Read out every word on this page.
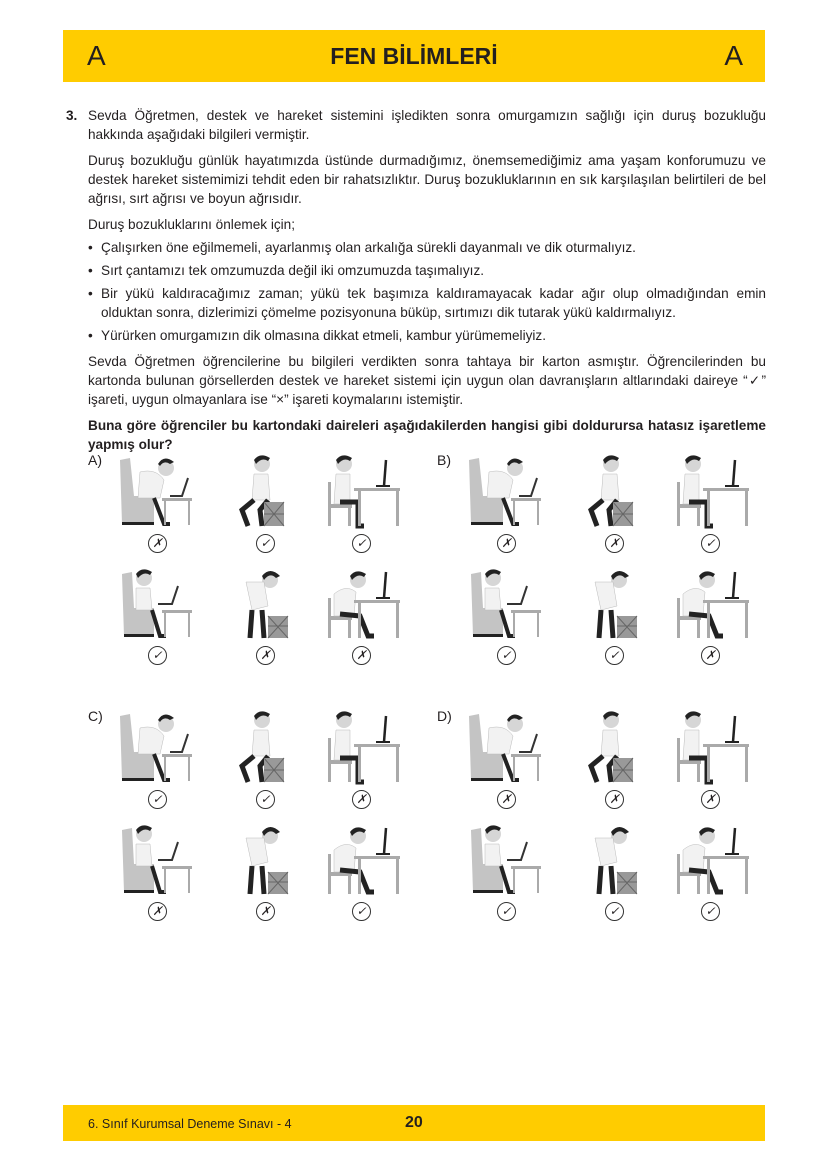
A	FEN BİLİMLERİ	A
3. Sevda Öğretmen, destek ve hareket sistemini işledikten sonra omurgamızın sağlığı için duruş bozukluğu hakkında aşağıdaki bilgileri vermiştir.

Duruş bozukluğu günlük hayatımızda üstünde durmadığımız, önemsemediğimiz ama yaşam konforumuzu ve destek hareket sistemimizi tehdit eden bir rahatsızlıktır. Duruş bozukluklarının en sık karşılaşılan belirtileri de bel ağrısı, sırt ağrısı ve boyun ağrısıdır.

Duruş bozukluklarını önlemek için;

• Çalışırken öne eğilmemeli, ayarlanmış olan arkalığa sürekli dayanmalı ve dik oturmalıyız.
• Sırt çantamızı tek omzumuzda değil iki omzumuzda taşımalıyız.
• Bir yükü kaldıracağımız zaman; yükü tek başımıza kaldıramayacak kadar ağır olup olmadığından emin olduktan sonra, dizlerimizi çömelme pozisyonuna büküp, sırtımızı dik tutarak yükü kaldırmalıyız.
• Yürürken omurgamızın dik olmasına dikkat etmeli, kambur yürümemeliyiz.

Sevda Öğretmen öğrencilerine bu bilgileri verdikten sonra tahtaya bir karton asmıştır. Öğrencilerinden bu kartonda bulunan görsellerden destek ve hareket sistemi için uygun olan davranışların altlarındaki daireye “✓” işareti, uygun olmayanlara ise “×” işareti koymalarını istemiştir.

Buna göre öğrenciler bu kartondaki daireleri aşağıdakilerden hangisi gibi doldurursa hatasız işaretleme yapmış olur?

A)
✗	✓	✓
✓	✗	✗
B)
✗	✗	✓
✓	✓	✗
C)
✓	✓	✗
✗	✗	✓
D)
✗	✗	✗
✓	✓	✓
6. Sınıf Kurumsal Deneme Sınavı - 4	20
